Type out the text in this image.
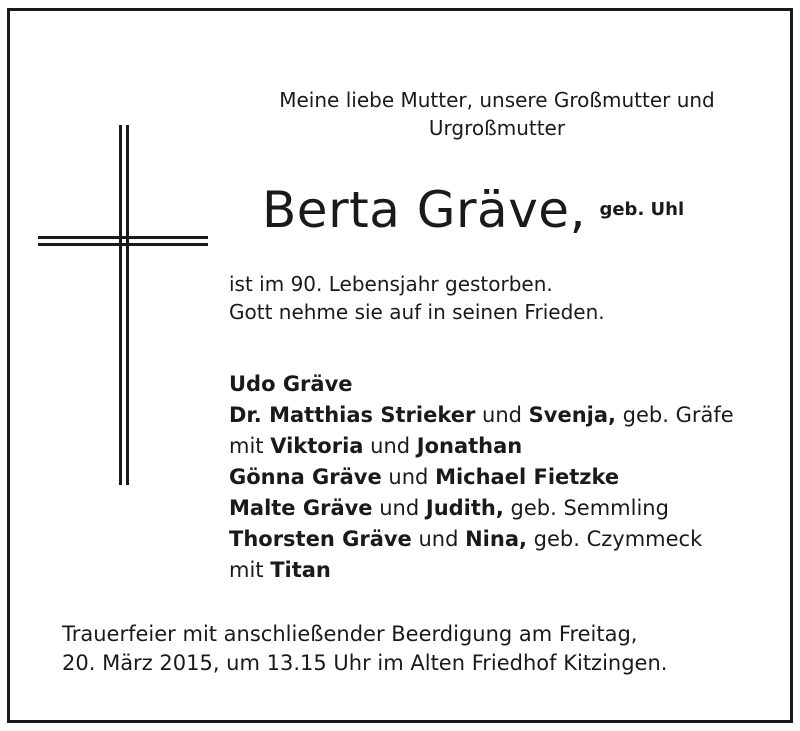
Meine liebe Mutter, unsere Großmutter und
Urgroßmutter
Berta Gräve, geb. Uhl
ist im 90. Lebensjahr gestorben.
Gott nehme sie auf in seinen Frieden.
Udo Gräve
Dr. Matthias Strieker und Svenja, geb. Gräfe
mit Viktoria und Jonathan
Gönna Gräve und Michael Fietzke
Malte Gräve und Judith, geb. Semmling
Thorsten Gräve und Nina, geb. Czymmeck
mit Titan
Trauerfeier mit anschließender Beerdigung am Freitag,
20. März 2015, um 13.15 Uhr im Alten Friedhof Kitzingen.
